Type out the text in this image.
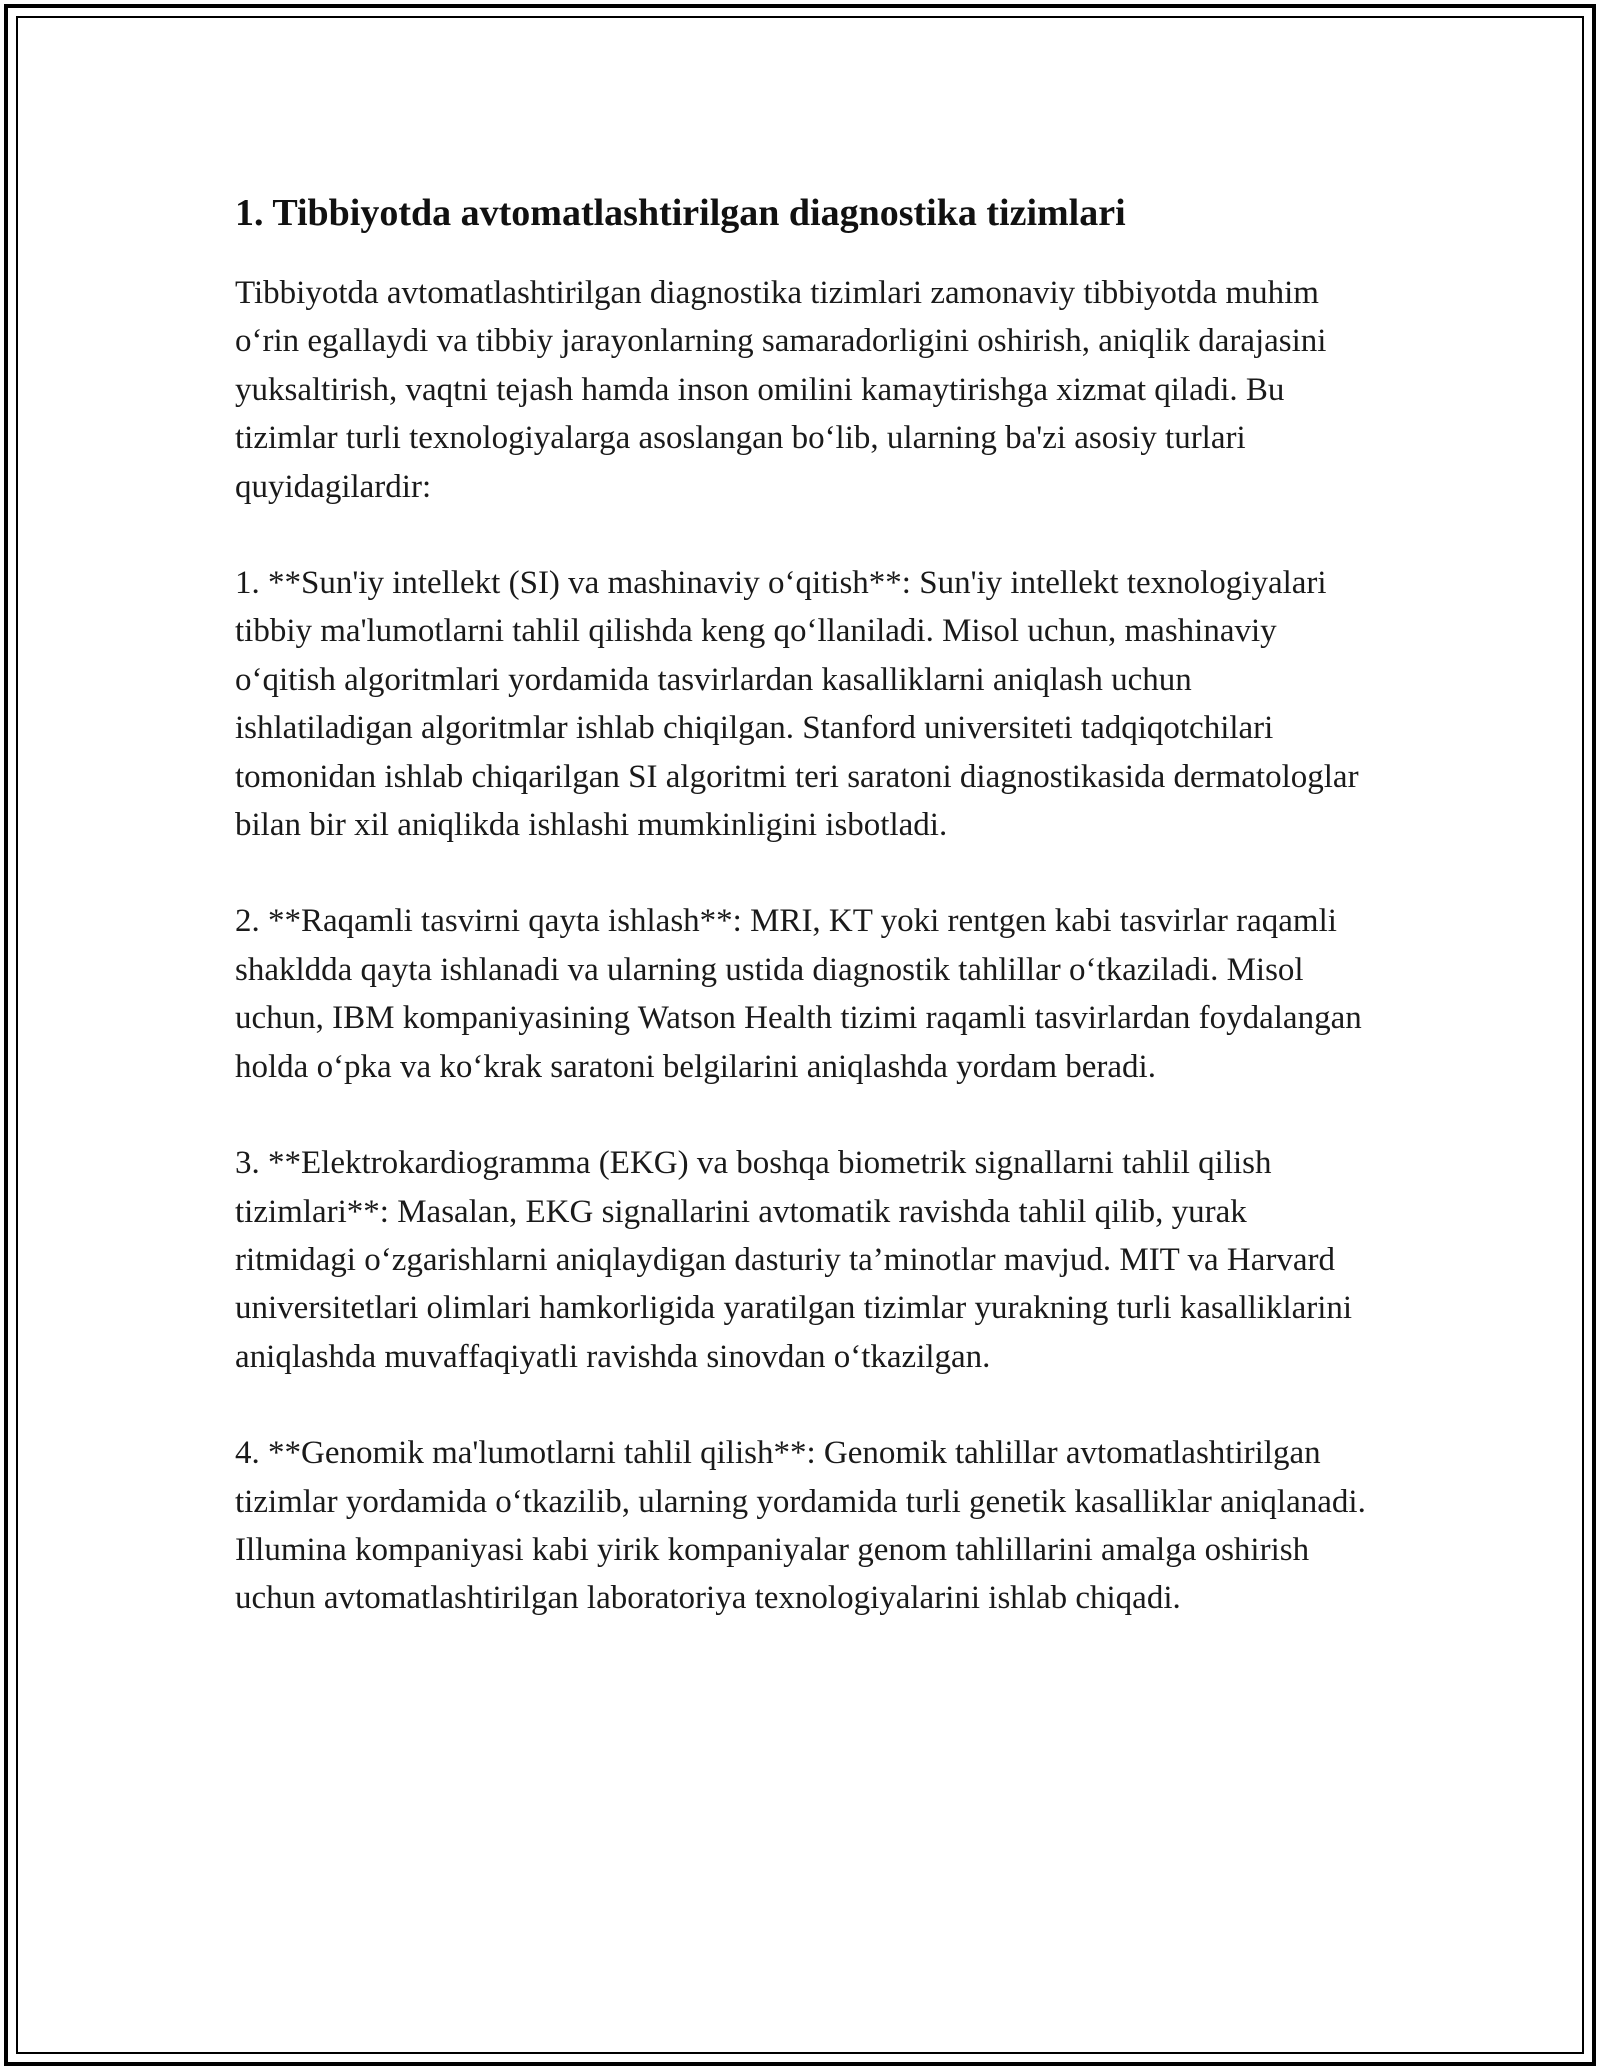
1. Tibbiyotda avtomatlashtirilgan diagnostika tizimlari

Tibbiyotda avtomatlashtirilgan diagnostika tizimlari zamonaviy tibbiyotda muhim o‘rin egallaydi va tibbiy jarayonlarning samaradorligini oshirish, aniqlik darajasini yuksaltirish, vaqtni tejash hamda inson omilini kamaytirishga xizmat qiladi. Bu tizimlar turli texnologiyalarga asoslangan bo‘lib, ularning ba'zi asosiy turlari quyidagilardir:

1. **Sun'iy intellekt (SI) va mashinaviy o‘qitish**: Sun'iy intellekt texnologiyalari tibbiy ma'lumotlarni tahlil qilishda keng qo‘llaniladi. Misol uchun, mashinaviy o‘qitish algoritmlari yordamida tasvirlardan kasalliklarni aniqlash uchun ishlatiladigan algoritmlar ishlab chiqilgan. Stanford universiteti tadqiqotchilari tomonidan ishlab chiqarilgan SI algoritmi teri saratoni diagnostikasida dermatologlar bilan bir xil aniqlikda ishlashi mumkinligini isbotladi.

2. **Raqamli tasvirni qayta ishlash**: MRI, KT yoki rentgen kabi tasvirlar raqamli shakldda qayta ishlanadi va ularning ustida diagnostik tahlillar o‘tkaziladi. Misol uchun, IBM kompaniyasining Watson Health tizimi raqamli tasvirlardan foydalangan holda o‘pka va ko‘krak saratoni belgilarini aniqlashda yordam beradi.

3. **Elektrokardiogramma (EKG) va boshqa biometrik signallarni tahlil qilish tizimlari**: Masalan, EKG signallarini avtomatik ravishda tahlil qilib, yurak ritmidagi o‘zgarishlarni aniqlaydigan dasturiy ta’minotlar mavjud. MIT va Harvard universitetlari olimlari hamkorligida yaratilgan tizimlar yurakning turli kasalliklarini aniqlashda muvaffaqiyatli ravishda sinovdan o‘tkazilgan.

4. **Genomik ma'lumotlarni tahlil qilish**: Genomik tahlillar avtomatlashtirilgan tizimlar yordamida o‘tkazilib, ularning yordamida turli genetik kasalliklar aniqlanadi. Illumina kompaniyasi kabi yirik kompaniyalar genom tahlillarini amalga oshirish uchun avtomatlashtirilgan laboratoriya texnologiyalarini ishlab chiqadi.
